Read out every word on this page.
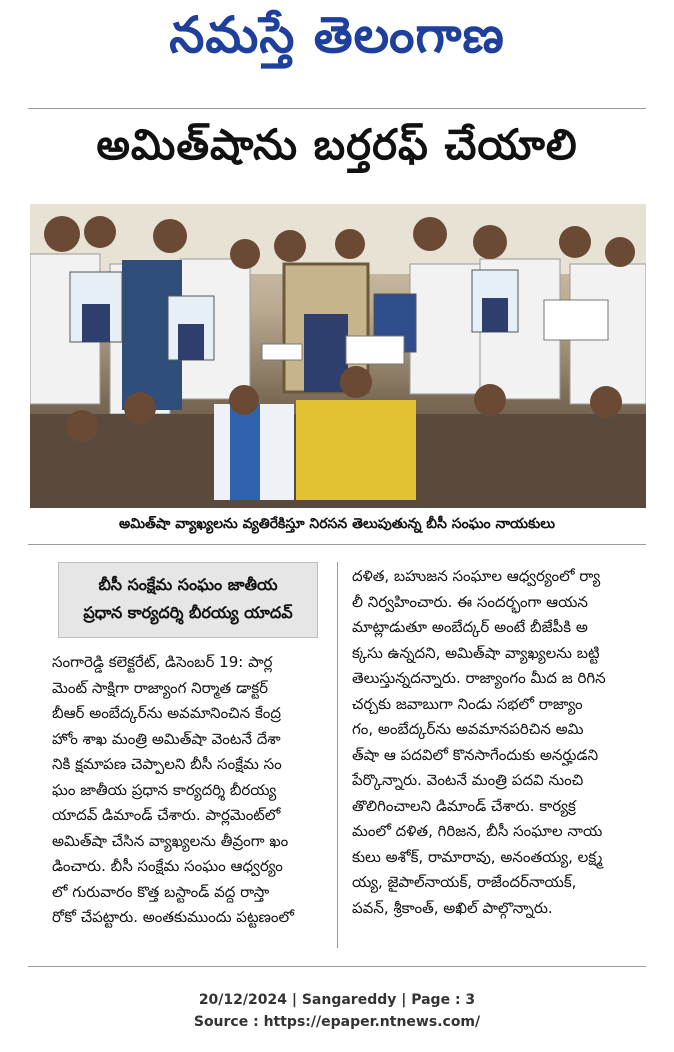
నమస్తే తెలంగాణ
అమిత్‌షాను బర్తరఫ్ చేయాలి
అమిత్‌షా వ్యాఖ్యలను వ్యతిరేకిస్తూ నిరసన తెలుపుతున్న బీసీ సంఘం నాయకులు
బీసీ సంక్షేమ సంఘం జాతీయ
ప్రధాన కార్యదర్శి బీరయ్య యాదవ్
సంగారెడ్డి కలెక్టరేట్, డిసెంబర్ 19: పార్ల
మెంట్ సాక్షిగా రాజ్యాంగ నిర్మాత డాక్టర్
బీఆర్ అంబేద్కర్‌ను అవమానించిన కేంద్ర
హోం శాఖ మంత్రి అమిత్‌షా వెంటనే దేశా
నికి క్షమాపణ చెప్పాలని బీసీ సంక్షేమ సం
ఘం జాతీయ ప్రధాన కార్యదర్శి బీరయ్య
యాదవ్ డిమాండ్ చేశారు. పార్లమెంట్‌లో
అమిత్‌షా చేసిన వ్యాఖ్యలను తీవ్రంగా ఖం
డించారు. బీసీ సంక్షేమ సంఘం ఆధ్వర్యం
లో గురువారం కొత్త బస్టాండ్ వద్ద రాస్తా
రోకో చేపట్టారు. అంతకుముందు పట్టణంలో
దళిత, బహుజన సంఘాల ఆధ్వర్యంలో ర్యా
లీ నిర్వహించారు. ఈ సందర్భంగా ఆయన
మాట్లాడుతూ అంబేద్కర్ అంటే బీజేపీకి అ
క్కసు ఉన్నదని, అమిత్‌షా వ్యాఖ్యలను బట్టి
తెలుస్తున్నదన్నారు. రాజ్యాంగం మీద జ రిగిన
చర్చకు జవాబుగా నిండు సభలో రాజ్యాం
గం, అంబేద్కర్‌ను అవమానపరిచిన అమి
త్‌షా ఆ పదవిలో కొనసాగేందుకు అనర్హుడని
పేర్కొన్నారు. వెంటనే మంత్రి పదవి నుంచి
తొలిగించాలని డిమాండ్ చేశారు. కార్యక్ర
మంలో దళిత, గిరిజన, బీసీ సంఘాల నాయ
కులు అశోక్, రామారావు, అనంతయ్య, లక్ష్మ
య్య, జైపాల్‌నాయక్, రాజేందర్‌నాయక్,
పవన్, శ్రీకాంత్, అఖిల్ పాల్గొన్నారు.
20/12/2024 | Sangareddy | Page : 3
Source : https://epaper.ntnews.com/
